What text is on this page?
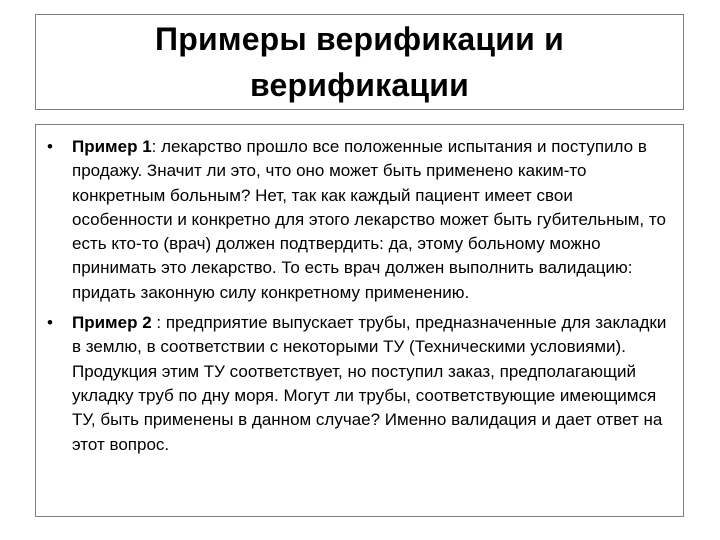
Примеры верификации и
верификации
• Пример 1: лекарство прошло все положенные испытания и поступило в продажу. Значит ли это, что оно может быть применено каким-то конкретным больным? Нет, так как каждый пациент имеет свои особенности и конкретно для этого лекарство может быть губительным, то есть кто-то (врач) должен подтвердить: да, этому больному можно принимать это лекарство. То есть врач должен выполнить валидацию: придать законную силу конкретному применению.
• Пример 2 : предприятие выпускает трубы, предназначенные для закладки в землю, в соответствии с некоторыми ТУ (Техническими условиями). Продукция этим ТУ соответствует, но поступил заказ, предполагающий укладку труб по дну моря. Могут ли трубы, соответствующие имеющимся ТУ, быть применены в данном случае? Именно валидация и дает ответ на этот вопрос.
